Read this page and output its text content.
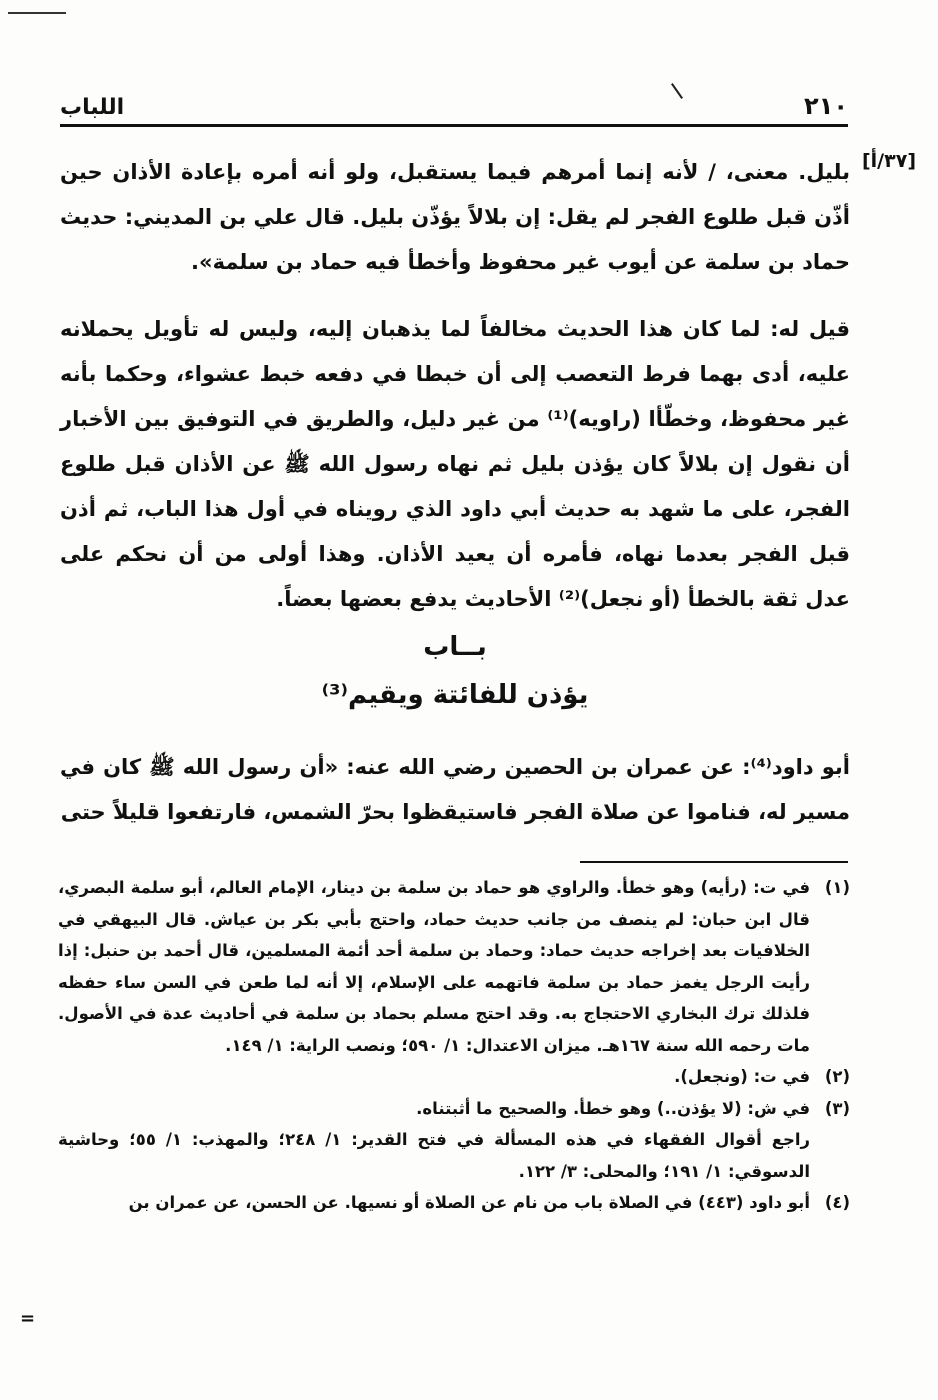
اللباب	٢١٠
[٣٧/أ]

بليل. معنى، / لأنه إنما أمرهم فيما يستقبل، ولو أنه أمره بإعادة الأذان حين أذّن قبل طلوع الفجر لم يقل: إن بلالاً يؤذّن بليل. قال علي بن المديني: حديث حماد بن سلمة عن أيوب غير محفوظ وأخطأ فيه حماد بن سلمة».

قيل له: لما كان هذا الحديث مخالفاً لما يذهبان إليه، وليس له تأويل يحملانه عليه، أدى بهما فرط التعصب إلى أن خبطا في دفعه خبط عشواء، وحكما بأنه غير محفوظ، وخطّأا (راويه)⁽¹⁾ من غير دليل، والطريق في التوفيق بين الأخبار أن نقول إن بلالاً كان يؤذن بليل ثم نهاه رسول الله ﷺ عن الأذان قبل طلوع الفجر، على ما شهد به حديث أبي داود الذي رويناه في أول هذا الباب، ثم أذن قبل الفجر بعدما نهاه، فأمره أن يعيد الأذان. وهذا أولى من أن نحكم على عدل ثقة بالخطأ (أو نجعل)⁽²⁾ الأحاديث يدفع بعضها بعضاً.

بــاب
يؤذن للفائتة ويقيم⁽³⁾

أبو داود⁽⁴⁾: عن عمران بن الحصين رضي الله عنه: «أن رسول الله ﷺ كان في مسير له، فناموا عن صلاة الفجر فاستيقظوا بحرّ الشمس، فارتفعوا قليلاً حتى

(١)
في ت: (رأيه) وهو خطأ. والراوي هو حماد بن سلمة بن دينار، الإمام العالم، أبو سلمة البصري، قال ابن حبان: لم ينصف من جانب حديث حماد، واحتج بأبي بكر بن عياش. قال البيهقي في الخلافيات بعد إخراجه حديث حماد: وحماد بن سلمة أحد أئمة المسلمين، قال أحمد بن حنبل: إذا رأيت الرجل يغمز حماد بن سلمة فاتهمه على الإسلام، إلا أنه لما طعن في السن ساء حفظه فلذلك ترك البخاري الاحتجاج به. وقد احتج مسلم بحماد بن سلمة في أحاديث عدة في الأصول. مات رحمه الله سنة ١٦٧هـ. ميزان الاعتدال: ١/ ٥٩٠؛ ونصب الراية: ١/ ١٤٩.
(٢)
في ت: (ونجعل).
(٣)
في ش: (لا يؤذن..) وهو خطأ. والصحيح ما أثبتناه.
راجع أقوال الفقهاء في هذه المسألة في فتح القدير: ١/ ٢٤٨؛ والمهذب: ١/ ٥٥؛ وحاشية الدسوقي: ١/ ١٩١؛ والمحلى: ٣/ ١٢٢.
(٤)
أبو داود (٤٤٣) في الصلاة باب من نام عن الصلاة أو نسيها. عن الحسن، عن عمران بن
=
